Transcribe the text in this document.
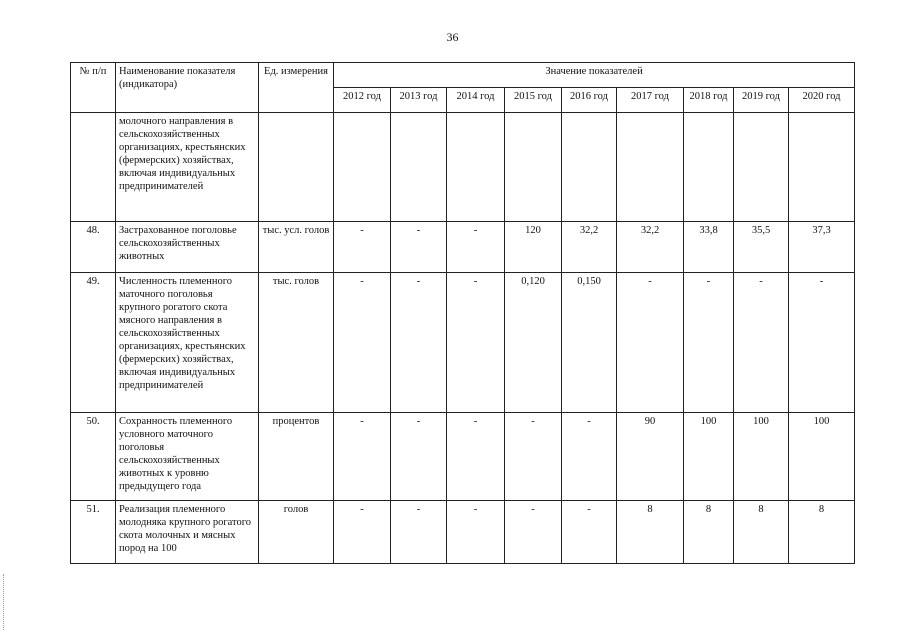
36
№ п/п	Наименование показателя (индикатора)	Ед. измерения	Значение показателей								
			2012 год	2013 год	2014 год	2015 год	2016 год	2017 год	2018 год	2019 год	2020 год
	молочного направления в сельскохозяйственных организациях, крестьянских (фермерских) хозяйствах, включая индивидуальных предпринимателей										
48.	Застрахованное поголовье сельскохозяйственных животных	тыс. усл. голов	-	-	-	120	32,2	32,2	33,8	35,5	37,3
49.	Численность племенного маточного поголовья крупного рогатого скота мясного направления в сельскохозяйственных организациях, крестьянских (фермерских) хозяйствах, включая индивидуальных предпринимателей	тыс. голов	-	-	-	0,120	0,150	-	-	-	-
50.	Сохранность племенного условного маточного поголовья сельскохозяйственных животных к уровню предыдущего года	процентов	-	-	-	-	-	90	100	100	100
51.	Реализация племенного молодняка крупного рогатого скота молочных и мясных пород на 100	голов	-	-	-	-	-	8	8	8	8
